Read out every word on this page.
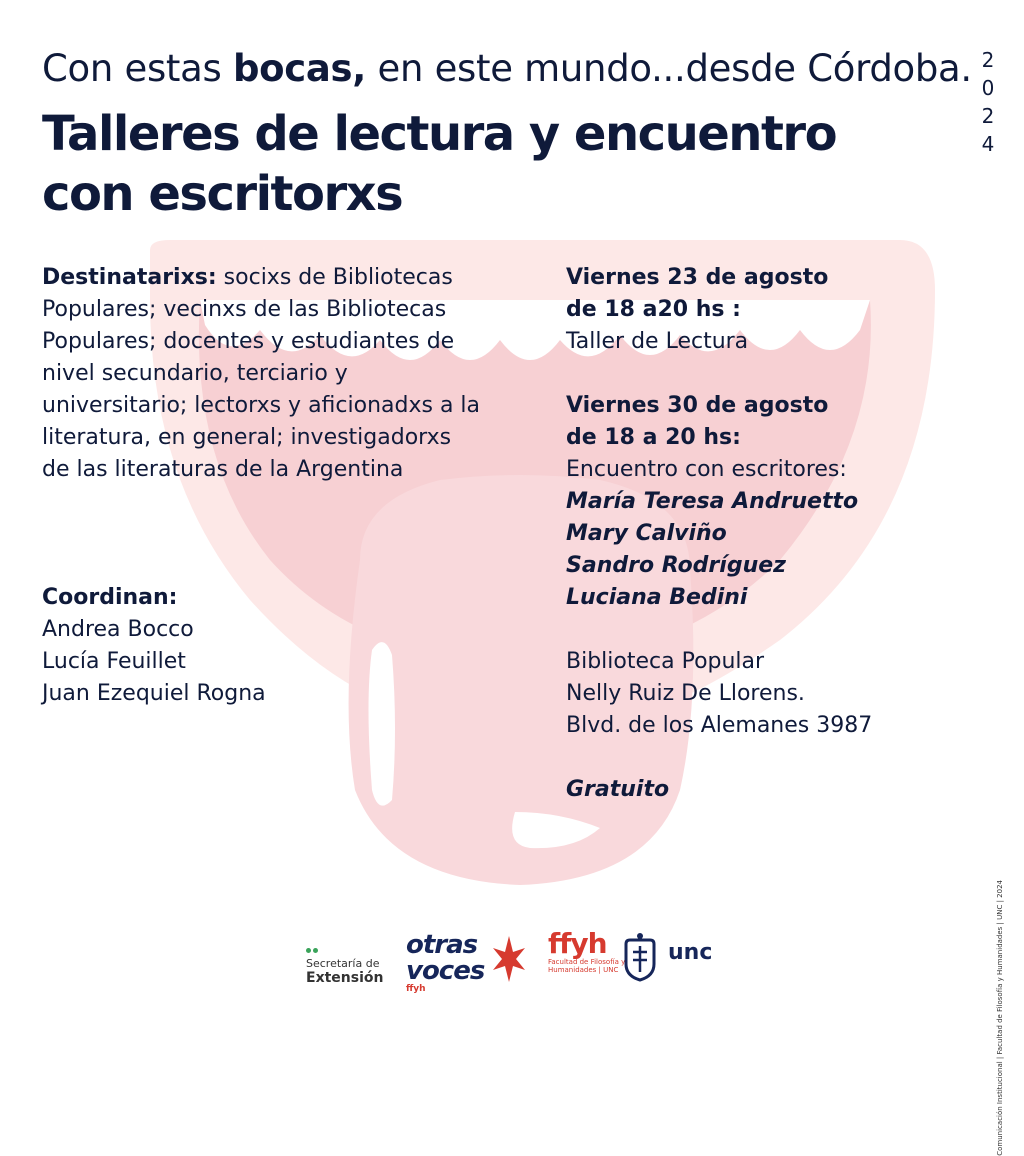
Con estas bocas, en este mundo...desde Córdoba.
Talleres de lectura y encuentro con escritorxs
2
0
2
4
Destinatarixs: socixs de Bibliotecas Populares; vecinxs de las Bibliotecas Populares; docentes y estudiantes de nivel secundario, terciario y universitario; lectorxs y aficionadxs a la literatura, en general; investigadorxs de las literaturas de la Argentina
Coordinan:
Andrea Bocco
Lucía Feuillet
Juan Ezequiel Rogna
Viernes 23 de agosto
de 18 a20 hs :
Taller de Lectura
Viernes 30 de agosto
de 18 a 20 hs:
Encuentro con escritores:
María Teresa Andruetto
Mary Calviño
Sandro Rodríguez
Luciana Bedini
Biblioteca Popular
Nelly Ruiz De Llorens.
Blvd. de los Alemanes 3987
Gratuito
Secretaría de
Extensión
otras
voces
ffyh
ffyh
Facultad de Filosofía y Humanidades | UNC
unc	Comunicación Institucional | Facultad de Filosofía y Humanidades | UNC | 2024
